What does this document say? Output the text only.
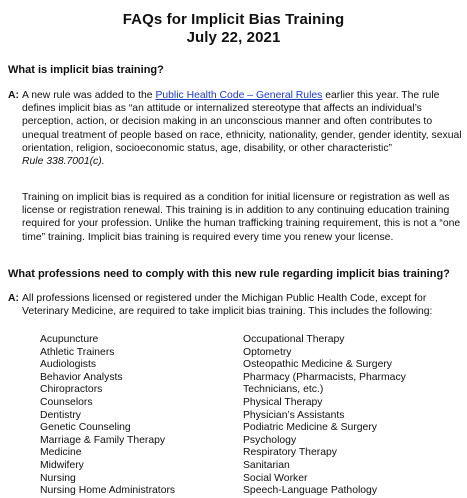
FAQs for Implicit Bias Training
July 22, 2021
What is implicit bias training?
A: A new rule was added to the Public Health Code – General Rules earlier this year. The rule defines implicit bias as “an attitude or internalized stereotype that affects an individual’s perception, action, or decision making in an unconscious manner and often contributes to unequal treatment of people based on race, ethnicity, nationality, gender, gender identity, sexual orientation, religion, socioeconomic status, age, disability, or other characteristic”
Rule 338.7001(c).
Training on implicit bias is required as a condition for initial licensure or registration as well as license or registration renewal. This training is in addition to any continuing education training required for your profession. Unlike the human trafficking training requirement, this is not a “one time” training. Implicit bias training is required every time you renew your license.
What professions need to comply with this new rule regarding implicit bias training?
A: All professions licensed or registered under the Michigan Public Health Code, except for Veterinary Medicine, are required to take implicit bias training. This includes the following:
Acupuncture
Athletic Trainers
Audiologists
Behavior Analysts
Chiropractors
Counselors
Dentistry
Genetic Counseling
Marriage & Family Therapy
Medicine
Midwifery
Nursing
Nursing Home Administrators
Occupational Therapy
Optometry
Osteopathic Medicine & Surgery
Pharmacy (Pharmacists, Pharmacy
Technicians, etc.)
Physical Therapy
Physician’s Assistants
Podiatric Medicine & Surgery
Psychology
Respiratory Therapy
Sanitarian
Social Worker
Speech-Language Pathology
